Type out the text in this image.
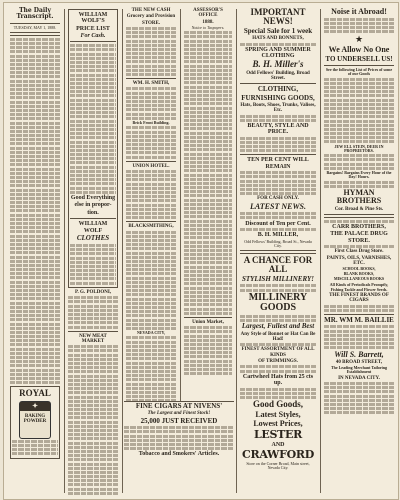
The Daily Transcript.
TUESDAY, MAY 1, 1888.
ROYAL
✦
BAKING
POWDER
WILLIAM WOLF'S
PRICE LIST
For Cash.
Good Everything
else in propor-
tion.
WILLIAM
WOLF
CLOTHES
P. G. POLDONI,
NEW MEAT MARKET
THE NEW CASH
Grocery and Provision
STORE.
WM. H. SMITH,
Brick Front Building.
UNION HOTEL.
BLACKSMITHING,
NEVADA CITY,
ASSESSOR'S OFFICE
1888.
Notice to Taxpayers.
Union Market,
FINE CIGARS AT NIVENS'
The Largest and Finest Stock!
25,000 JUST RECEIVED
Tobacco and Smokers' Articles.
IMPORTANT NEWS!
Special Sale for 1 week
HATS AND BONNETS,
SPRING AND SUMMER CLOTHING
B. H. Miller's
Odd Fellows' Building, Broad Street.
CLOTHING,
FURNISHING GOODS,
Hats, Boots, Shoes, Trunks, Valises, Etc.
BEAUTY, STYLE AND PRICE.
TEN PER CENT WILL REMAIN
FOR CASH ONLY.
LATEST NEWS.
Discount of Ten per Cent.
B. H. MILLER,
Odd Fellows' Building, Broad St., Nevada City.
A CHANCE FOR ALL
STYLISH MILLINERY!
MILLINERY GOODS
Largest, Fullest and Best
Any Style of Bonnet or Hat Can Be Had!
FINEST ASSORTMENT OF ALL KINDS
OF TRIMMINGS.
Cartwheel Hats from 25 cts up.
Good Goods,
Latest Styles,
Lowest Prices,
LESTER
AND
CRAWFORD
Store on the Corner Broad, Main street, Nevada City.
Noise it Abroad!
★
We Allow No One
TO UNDERSELL US!
See the following List of Prices of some of our Goods
JEW ELL STEIN, DEER IN PROPRIETORS.
Bargains! Bargains Every Hour of the Day! Hours.
HYMAN BROTHERS
Cor. Broad & Pine Sts.
CARR BROTHERS,
THE PALACE DRUG STORE.
First Class Drug Store.
PAINTS, OILS, VARNISHES, ETC.
SCHOOL BOOKS,
BLANK BOOKS,
MISCELLANEOUS BOOKS
All Kinds of Periodicals Promptly,
Fishing Tackle and Flower Seeds.
THE FINEST BRANDS OF CIGARS
MR. WM M. BAILLIE
Will S. Barrett,
40 BROAD STREET,
The Leading Merchant Tailoring Establishment
IN NEVADA CITY.
